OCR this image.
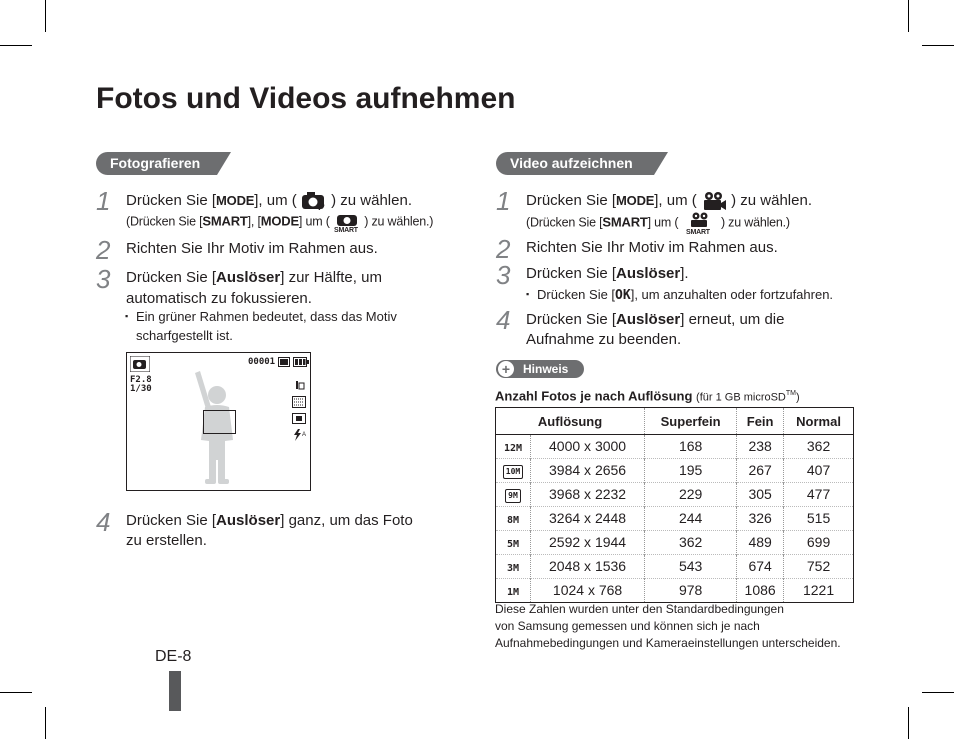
Fotos und Videos aufnehmen
Fotografieren
1 Drücken Sie [MODE], um ( P ) zu wählen.
(Drücken Sie [SMART], [MODE] um (
SMART
) zu wählen.)
2 Richten Sie Ihr Motiv im Rahmen aus.
3 Drücken Sie [Auslöser] zur Hälfte, um
automatisch zu fokussieren.
▪ Ein grüner Rahmen bedeutet, dass das Motiv
scharfgestellt ist.
00001
F2.8
1/30
A
4 Drücken Sie [Auslöser] ganz, um das Foto
zu erstellen.
Video aufzeichnen
1 Drücken Sie [MODE], um ( ) zu wählen.
(Drücken Sie [SMART] um (
SMART
) zu wählen.)
2 Richten Sie Ihr Motiv im Rahmen aus.
3 Drücken Sie [Auslöser].
▪ Drücken Sie [OK], um anzuhalten oder fortzufahren.
4 Drücken Sie [Auslöser] erneut, um die
Aufnahme zu beenden.
+	Hinweis
Anzahl Fotos je nach Auflösung (für 1 GB microSD™)
Auflösung		Superfein	Fein	Normal

12M	4000 x 3000	168	238	362
10M	3984 x 2656	195	267	407
9M	3968 x 2232	229	305	477
8M	3264 x 2448	244	326	515
5M	2592 x 1944	362	489	699
3M	2048 x 1536	543	674	752
1M	1024 x 768	978	1086	1221
Diese Zahlen wurden unter den Standardbedingungen
von Samsung gemessen und können sich je nach
Aufnahmebedingungen und Kameraeinstellungen unterscheiden.
DE-8
